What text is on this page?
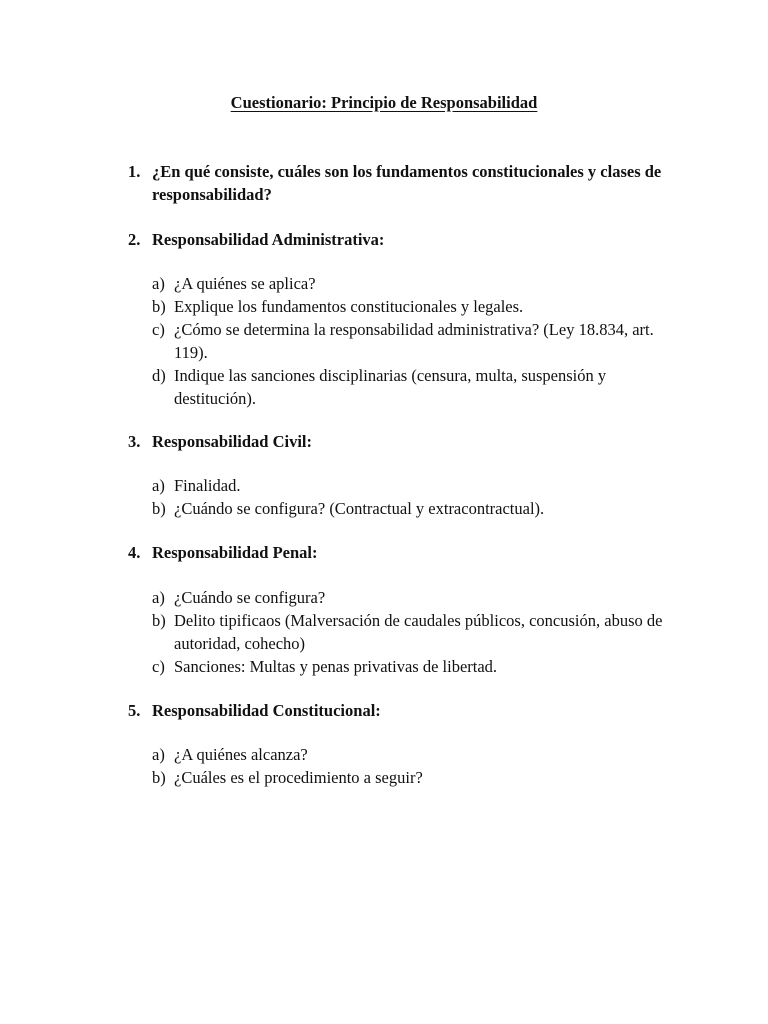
Cuestionario: Principio de Responsabilidad
1. ¿En qué consiste, cuáles son los fundamentos constitucionales y clases de responsabilidad?
2. Responsabilidad Administrativa:
a) ¿A quiénes se aplica?
b) Explique los fundamentos constitucionales y legales.
c) ¿Cómo se determina la responsabilidad administrativa? (Ley 18.834, art. 119).
d) Indique las sanciones disciplinarias (censura, multa, suspensión y destitución).
3. Responsabilidad Civil:
a) Finalidad.
b) ¿Cuándo se configura? (Contractual y extracontractual).
4. Responsabilidad Penal:
a) ¿Cuándo se configura?
b) Delito tipificaos (Malversación de caudales públicos, concusión, abuso de autoridad, cohecho)
c) Sanciones: Multas y penas privativas de libertad.
5. Responsabilidad Constitucional:
a) ¿A quiénes alcanza?
b) ¿Cuáles es el procedimiento a seguir?
